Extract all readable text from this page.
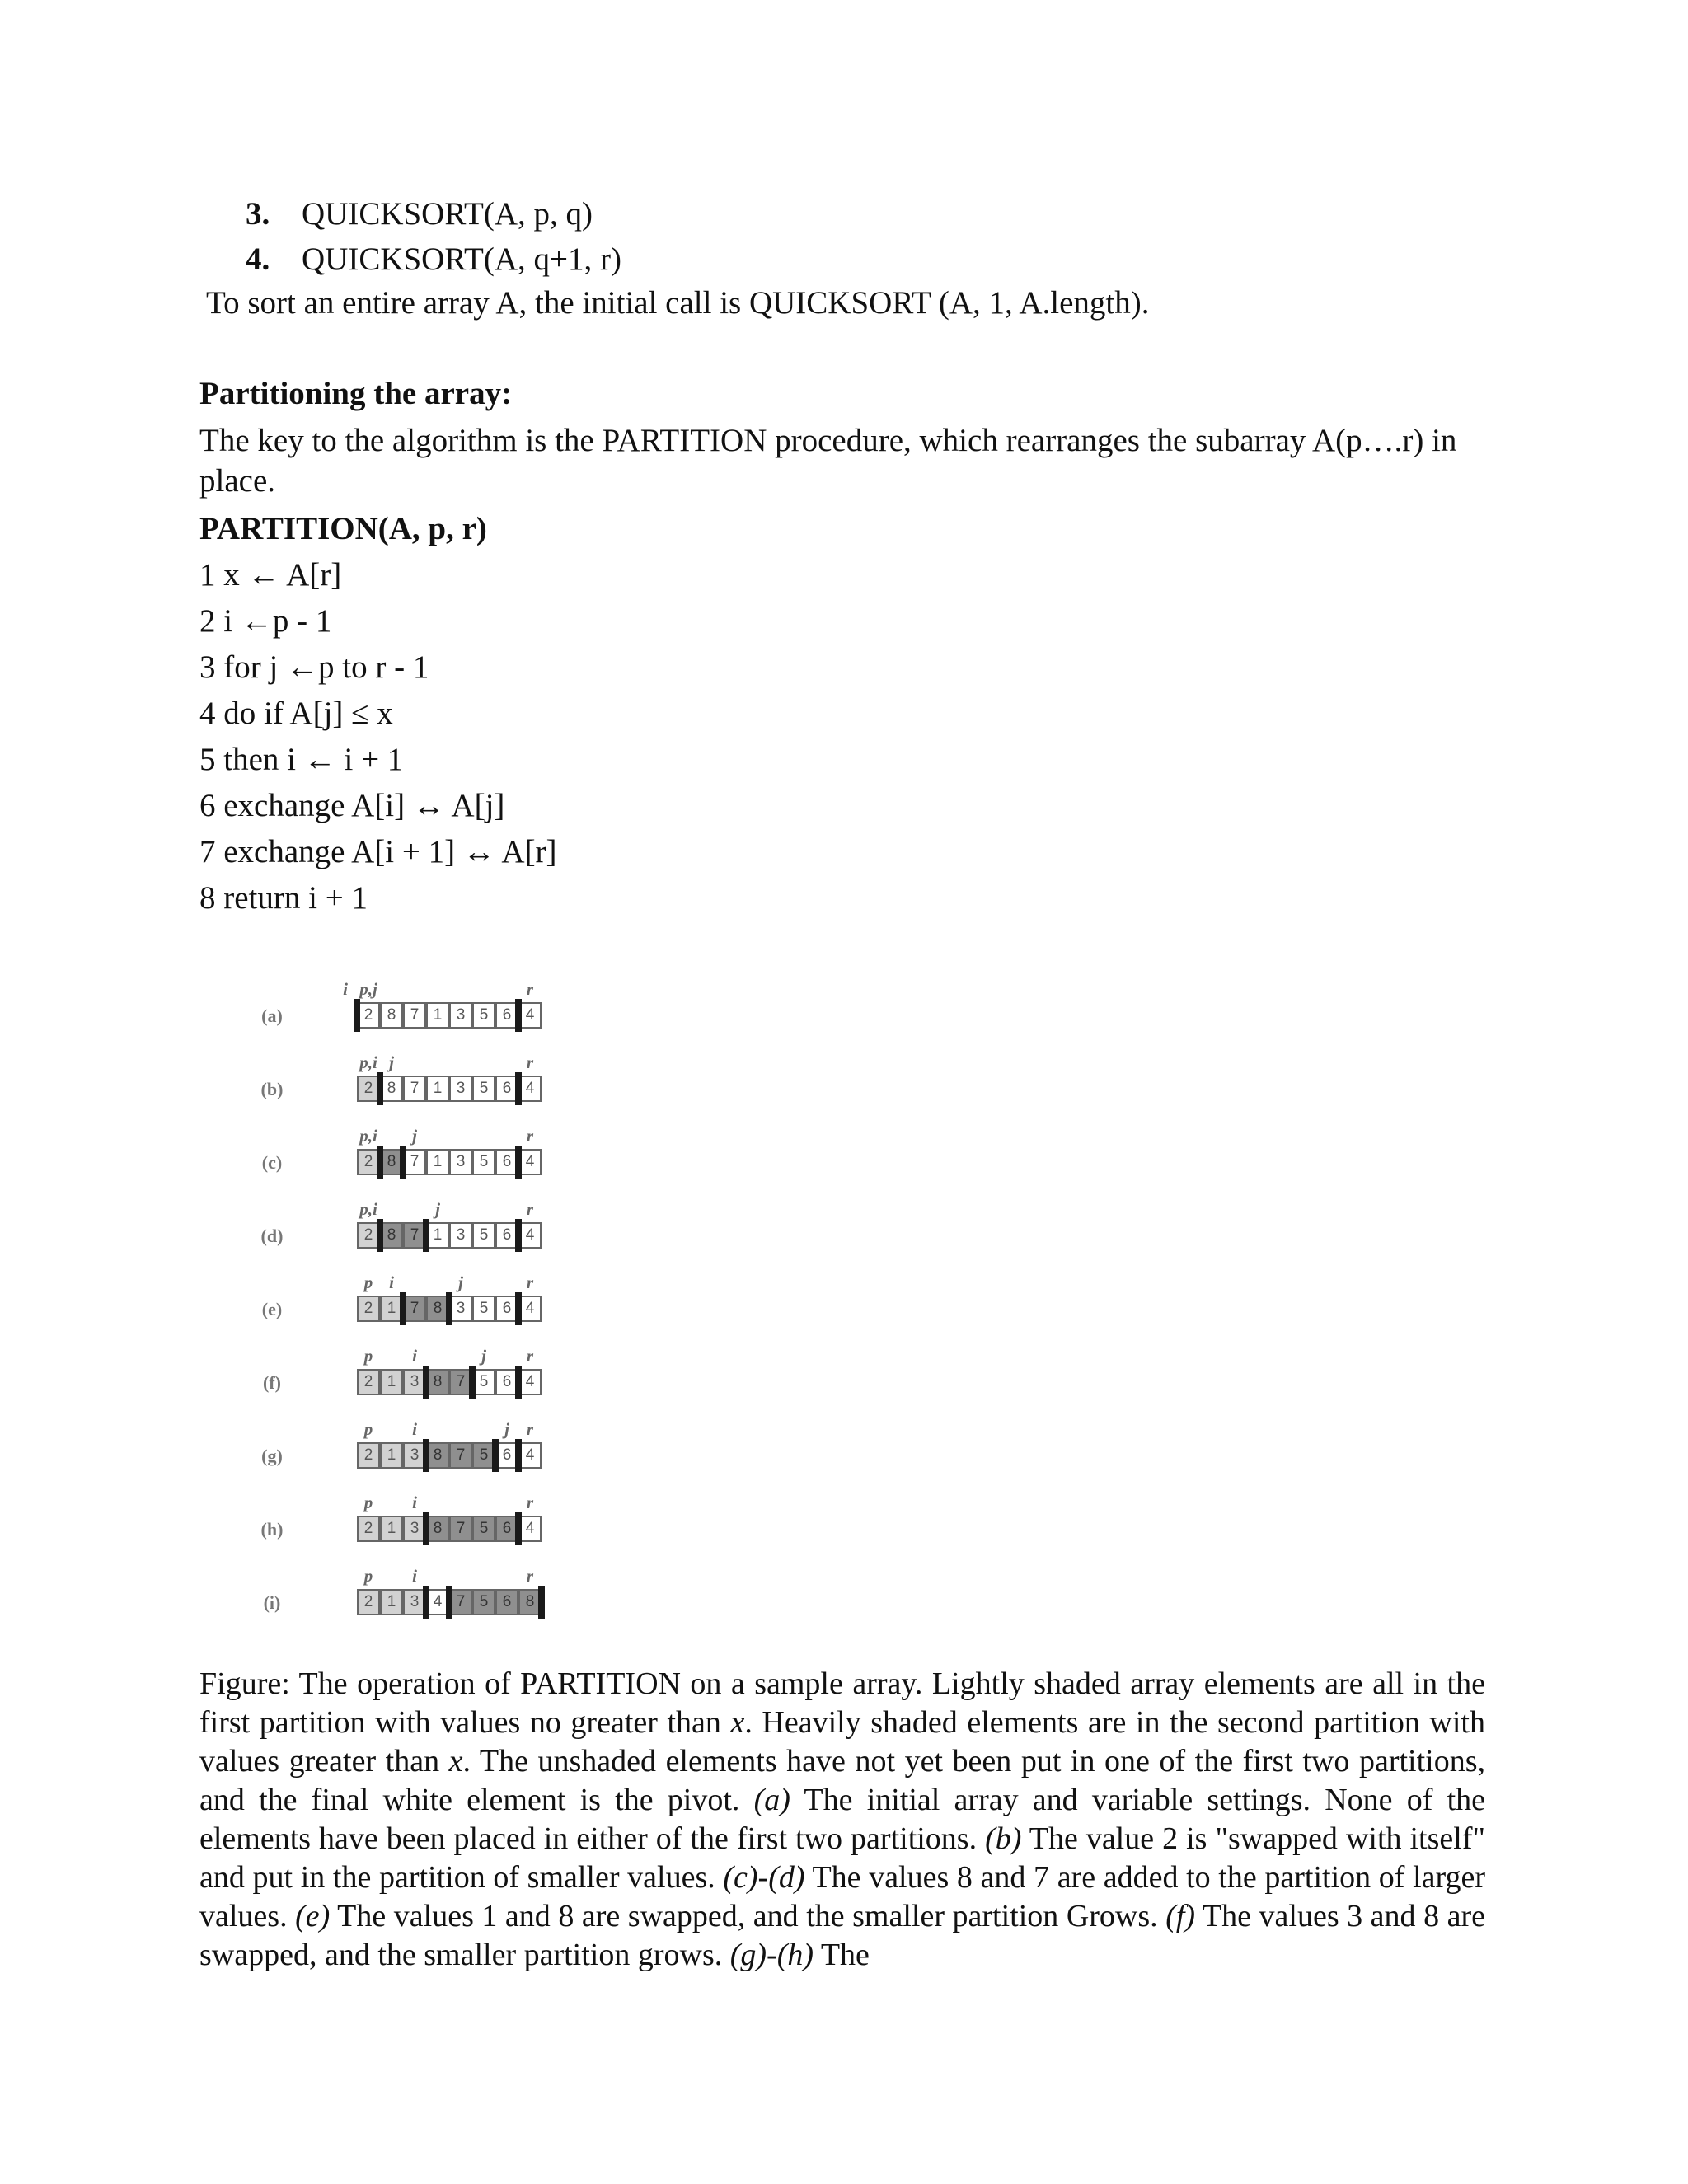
3. QUICKSORT(A, p, q)
4. QUICKSORT(A, q+1, r)
To sort an entire array A, the initial call is QUICKSORT (A, 1, A.length).
Partitioning the array:
The key to the algorithm is the PARTITION procedure, which rearranges the subarray A(p….r) in place.
PARTITION(A, p, r)
1 x ← A[r]
2 i ←p - 1
3 for j ←p to r - 1
4 do if A[j] ≤ x
5 then i ← i + 1
6 exchange A[i] ↔ A[j]
7 exchange A[i + 1] ↔ A[r]
8 return i + 1
(a)	2 8 7 1 3 5 6 4
i p,j	r
(b)	2 8 7 1 3 5 6 4
p,i j	r
(c)	2 8 7 1 3 5 6 4
p,i	j	r
(d)	2 8 7 1 3 5 6 4
p,i	j	r
(e)	2 1 7 8 3 5 6 4
p i	j	r
(f)	2 1 3 8 7 5 6 4
p	i	j	r
(g)	2 1 3 8 7 5 6 4
p	i	j r
(h)	2 1 3 8 7 5 6 4
p	i	r
(i)	2 1 3 4 7 5 6 8
p	i	r
Figure: The operation of PARTITION on a sample array. Lightly shaded array elements are all in the first partition with values no greater than x. Heavily shaded elements are in the second partition with values greater than x. The unshaded elements have not yet been put in one of the first two partitions, and the final white element is the pivot. (a) The initial array and variable settings. None of the elements have been placed in either of the first two partitions. (b) The value 2 is "swapped with itself" and put in the partition of smaller values. (c)-(d) The values 8 and 7 are added to the partition of larger values. (e) The values 1 and 8 are swapped, and the smaller partition Grows. (f) The values 3 and 8 are swapped, and the smaller partition grows. (g)-(h) The
